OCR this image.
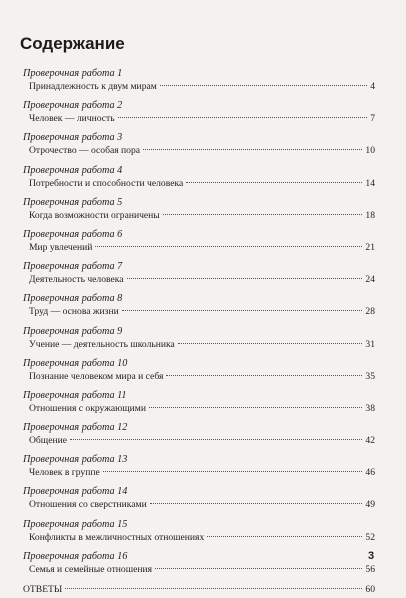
Содержание
Проверочная работа 1
Принадлежность к двум мирам	4
Проверочная работа 2
Человек — личность	7
Проверочная работа 3
Отрочество — особая пора	10
Проверочная работа 4
Потребности и способности человека	14
Проверочная работа 5
Когда возможности ограничены	18
Проверочная работа 6
Мир увлечений	21
Проверочная работа 7
Деятельность человека	24
Проверочная работа 8
Труд — основа жизни	28
Проверочная работа 9
Учение — деятельность школьника	31
Проверочная работа 10
Познание человеком мира и себя	35
Проверочная работа 11
Отношения с окружающими	38
Проверочная работа 12
Общение	42
Проверочная работа 13
Человек в группе	46
Проверочная работа 14
Отношения со сверстниками	49
Проверочная работа 15
Конфликты в межличностных отношениях	52
Проверочная работа 16
Семья и семейные отношения	56
ОТВЕТЫ	60
3
